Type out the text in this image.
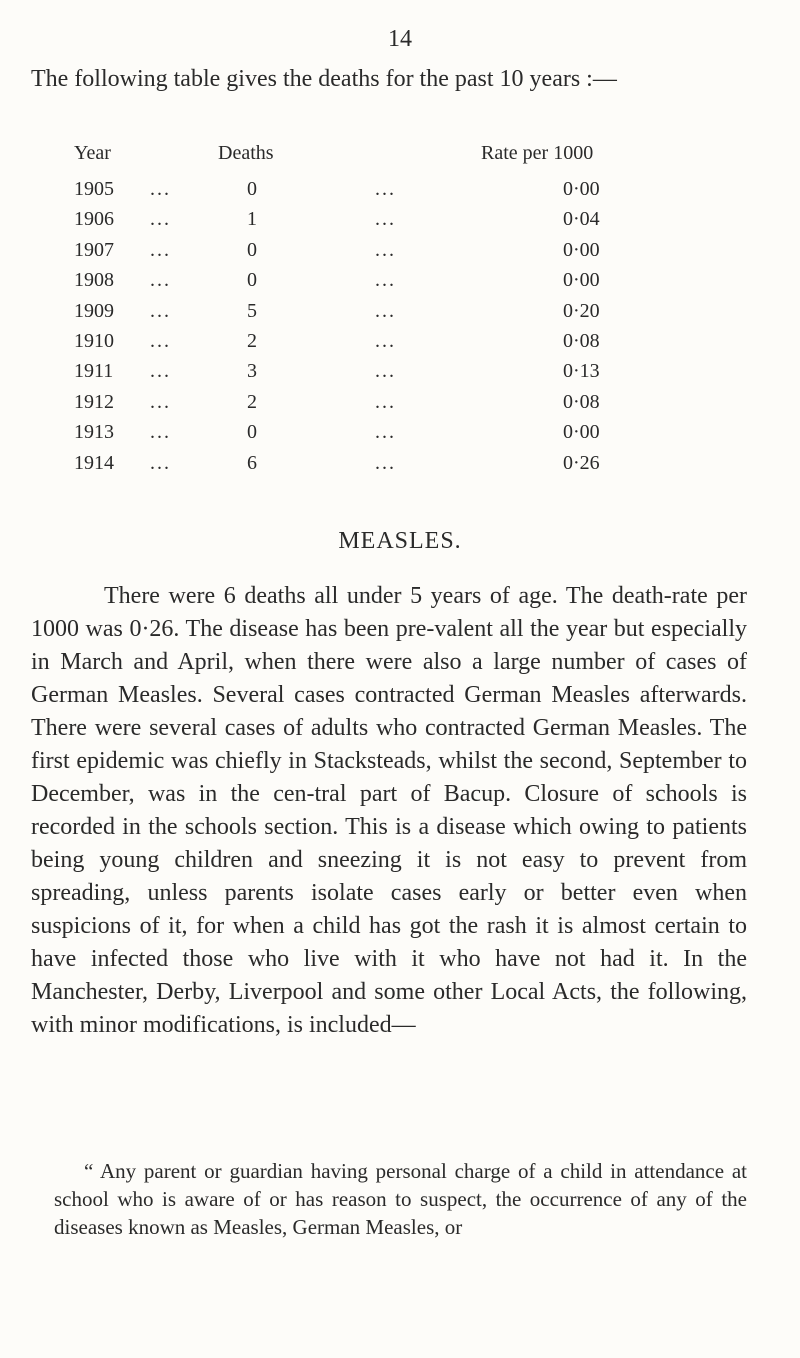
14
The following table gives the deaths for the past 10 years :—
Year	Deaths	Rate per 1000
1905 ...	0	...	0·00
1906 ...	1	...	0·04
1907 ...	0	...	0·00
1908 ...	0	...	0·00
1909 ...	5	...	0·20
1910 ...	2	...	0·08
1911 ...	3	...	0·13
1912 ...	2	...	0·08
1913 ...	0	...	0·00
1914 ...	6	...	0·26
MEASLES.

There were 6 deaths all under 5 years of age. The death-rate per 1000 was 0·26. The disease has been pre-valent all the year but especially in March and April, when there were also a large number of cases of German Measles. Several cases contracted German Measles afterwards. There were several cases of adults who contracted German Measles. The first epidemic was chiefly in Stacksteads, whilst the second, September to December, was in the cen-tral part of Bacup. Closure of schools is recorded in the schools section. This is a disease which owing to patients being young children and sneezing it is not easy to prevent from spreading, unless parents isolate cases early or better even when suspicions of it, for when a child has got the rash it is almost certain to have infected those who live with it who have not had it. In the Manchester, Derby, Liverpool and some other Local Acts, the following, with minor modifications, is included—

“ Any parent or guardian having personal charge of a child in attendance at school who is aware of or has reason to suspect, the occurrence of any of the diseases known as Measles, German Measles, or
